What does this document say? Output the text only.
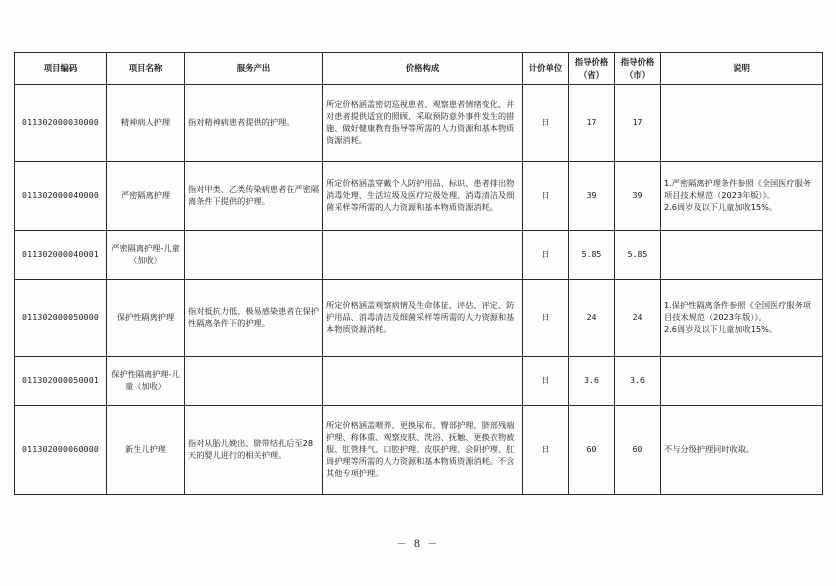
项目编码	项目名称	服务产出	价格构成	计价单位	指导价格（省）	指导价格（市）	说明
011302000030000	精神病人护理	指对精神病患者提供的护理。	所定价格涵盖密切巡视患者、观察患者情绪变化、并对患者提供适宜的照顾、采取预防意外事件发生的措施、做好健康教育指导等所需的人力资源和基本物质资源消耗。	日	17	17	
011302000040000	严密隔离护理	指对甲类、乙类传染病患者在严密隔离条件下提供的护理。	所定价格涵盖穿戴个人防护用品、标识、患者排出物消毒处理、生活垃圾及医疗垃圾处理、消毒清洁及细菌采样等所需的人力资源和基本物质资源消耗。	日	39	39	1.严密隔离护理条件参照《全国医疗服务项目技术规范（2023年版）》。
2.6周岁及以下儿童加收15%。
011302000040001	严密隔离护理-儿童（加收）			日	5.85	5.85	
011302000050000	保护性隔离护理	指对抵抗力低、极易感染患者在保护性隔离条件下的护理。	所定价格涵盖观察病情及生命体征、评估、评定、防护用品、消毒清洁及细菌采样等所需的人力资源和基本物质资源消耗。	日	24	24	1.保护性隔离条件参照《全国医疗服务项目技术规范（2023年版）》。
2.6周岁及以下儿童加收15%。
011302000050001	保护性隔离护理-儿童（加收）			日	3.6	3.6	
011302000060000	新生儿护理	指对从胎儿娩出、脐带结扎后至28天的婴儿进行的相关护理。	所定价格涵盖喂养、更换尿布、臀部护理、脐部残端护理、称体重、观察皮肤、洗浴、抚触、更换衣物被服、肛管排气、口腔护理、皮肤护理、会阴护理、肛周护理等所需的人力资源和基本物质资源消耗。不含其他专项护理。	日	60	60	不与分级护理同时收取。
－ 8 －
